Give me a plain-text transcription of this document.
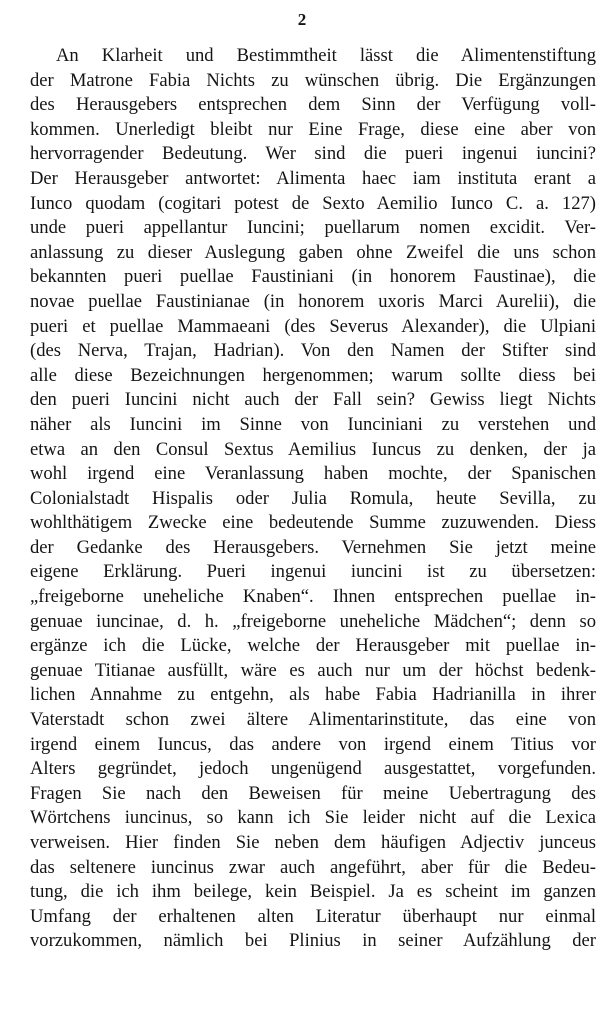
2
An Klarheit und Bestimmtheit lässt die Alimentenstiftung
der Matrone Fabia Nichts zu wünschen übrig. Die Ergänzungen
des Herausgebers entsprechen dem Sinn der Verfügung voll-
kommen. Unerledigt bleibt nur Eine Frage, diese eine aber von
hervorragender Bedeutung. Wer sind die pueri ingenui iuncini?
Der Herausgeber antwortet: Alimenta haec iam instituta erant a
Iunco quodam (cogitari potest de Sexto Aemilio Iunco C. a. 127)
unde pueri appellantur Iuncini; puellarum nomen excidit. Ver-
anlassung zu dieser Auslegung gaben ohne Zweifel die uns schon
bekannten pueri puellae Faustiniani (in honorem Faustinae), die
novae puellae Faustinianae (in honorem uxoris Marci Aurelii), die
pueri et puellae Mammaeani (des Severus Alexander), die Ulpiani
(des Nerva, Trajan, Hadrian). Von den Namen der Stifter sind
alle diese Bezeichnungen hergenommen; warum sollte diess bei
den pueri Iuncini nicht auch der Fall sein? Gewiss liegt Nichts
näher als Iuncini im Sinne von Iunciniani zu verstehen und
etwa an den Consul Sextus Aemilius Iuncus zu denken, der ja
wohl irgend eine Veranlassung haben mochte, der Spanischen
Colonialstadt Hispalis oder Julia Romula, heute Sevilla, zu
wohlthätigem Zwecke eine bedeutende Summe zuzuwenden. Diess
der Gedanke des Herausgebers. Vernehmen Sie jetzt meine
eigene Erklärung. Pueri ingenui iuncini ist zu übersetzen:
„freigeborne uneheliche Knaben“. Ihnen entsprechen puellae in-
genuae iuncinae, d. h. „freigeborne uneheliche Mädchen“; denn so
ergänze ich die Lücke, welche der Herausgeber mit puellae in-
genuae Titianae ausfüllt, wäre es auch nur um der höchst bedenk-
lichen Annahme zu entgehn, als habe Fabia Hadrianilla in ihrer
Vaterstadt schon zwei ältere Alimentarinstitute, das eine von
irgend einem Iuncus, das andere von irgend einem Titius vor
Alters gegründet, jedoch ungenügend ausgestattet, vorgefunden.
Fragen Sie nach den Beweisen für meine Uebertragung des
Wörtchens iuncinus, so kann ich Sie leider nicht auf die Lexica
verweisen. Hier finden Sie neben dem häufigen Adjectiv junceus
das seltenere iuncinus zwar auch angeführt, aber für die Bedeu-
tung, die ich ihm beilege, kein Beispiel. Ja es scheint im ganzen
Umfang der erhaltenen alten Literatur überhaupt nur einmal
vorzukommen, nämlich bei Plinius in seiner Aufzählung der
